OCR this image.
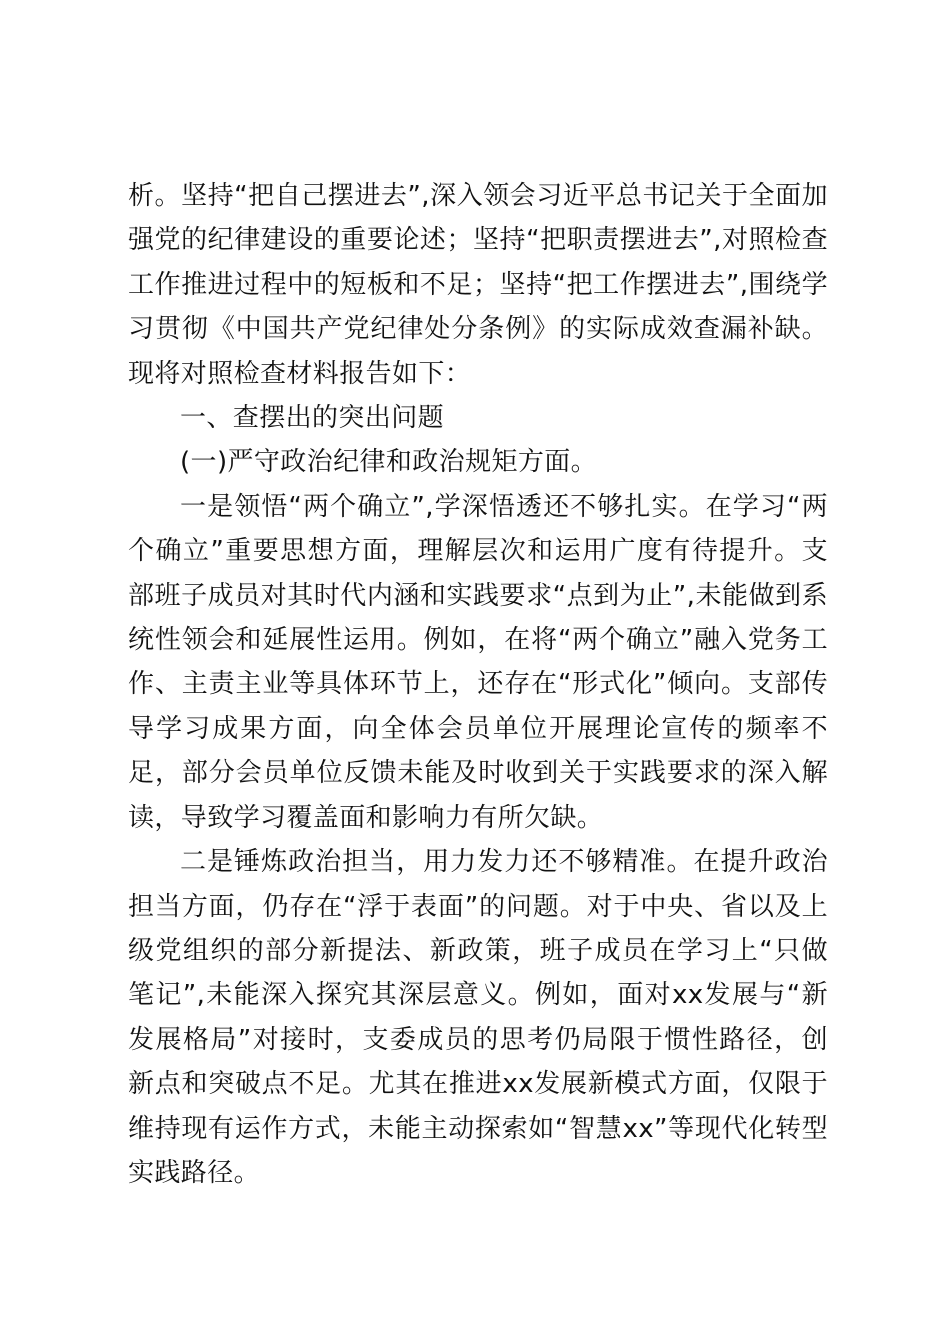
析。坚持“把自己摆进去”,深入领会习近平总书记关于全面加强党的纪律建设的重要论述；坚持“把职责摆进去”,对照检查工作推进过程中的短板和不足；坚持“把工作摆进去”,围绕学习贯彻《中国共产党纪律处分条例》的实际成效查漏补缺。现将对照检查材料报告如下：

一、查摆出的突出问题

(一)严守政治纪律和政治规矩方面。

一是领悟“两个确立”,学深悟透还不够扎实。在学习“两个确立”重要思想方面，理解层次和运用广度有待提升。支部班子成员对其时代内涵和实践要求“点到为止”,未能做到系统性领会和延展性运用。例如，在将“两个确立”融入党务工作、主责主业等具体环节上，还存在“形式化”倾向。支部传导学习成果方面，向全体会员单位开展理论宣传的频率不足，部分会员单位反馈未能及时收到关于实践要求的深入解读，导致学习覆盖面和影响力有所欠缺。

二是锤炼政治担当，用力发力还不够精准。在提升政治担当方面，仍存在“浮于表面”的问题。对于中央、省以及上级党组织的部分新提法、新政策，班子成员在学习上“只做笔记”,未能深入探究其深层意义。例如，面对xx发展与“新发展格局”对接时，支委成员的思考仍局限于惯性路径，创新点和突破点不足。尤其在推进xx发展新模式方面，仅限于维持现有运作方式，未能主动探索如“智慧xx”等现代化转型实践路径。
